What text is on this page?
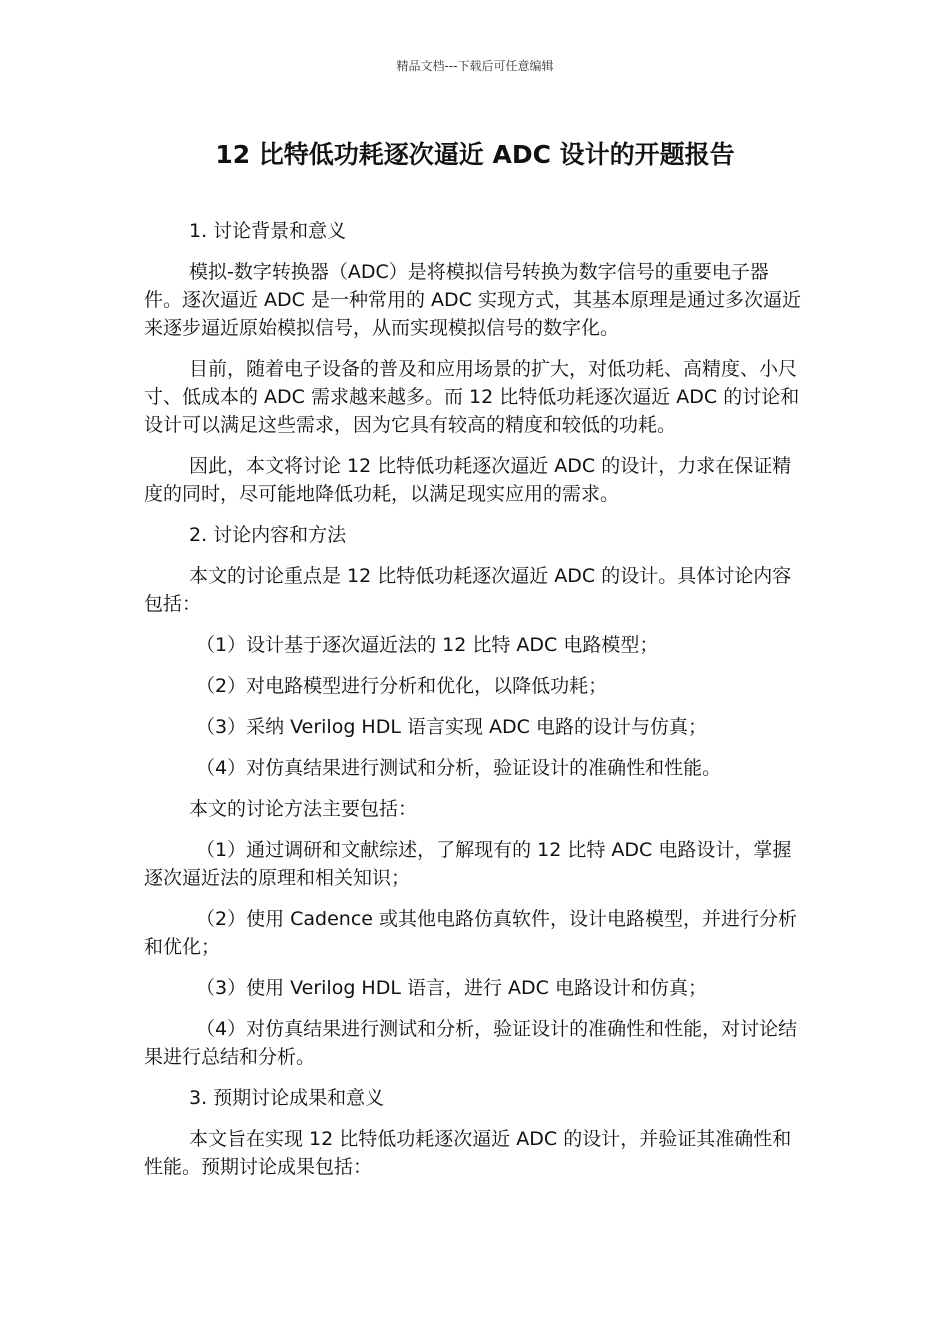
精品文档---下载后可任意编辑
12 比特低功耗逐次逼近 ADC 设计的开题报告

1. 讨论背景和意义

模拟-数字转换器（ADC）是将模拟信号转换为数字信号的重要电子器件。逐次逼近 ADC 是一种常用的 ADC 实现方式，其基本原理是通过多次逼近来逐步逼近原始模拟信号，从而实现模拟信号的数字化。

目前，随着电子设备的普及和应用场景的扩大，对低功耗、高精度、小尺寸、低成本的 ADC 需求越来越多。而 12 比特低功耗逐次逼近 ADC 的讨论和设计可以满足这些需求，因为它具有较高的精度和较低的功耗。

因此，本文将讨论 12 比特低功耗逐次逼近 ADC 的设计，力求在保证精度的同时，尽可能地降低功耗，以满足现实应用的需求。

2. 讨论内容和方法

本文的讨论重点是 12 比特低功耗逐次逼近 ADC 的设计。具体讨论内容包括：

（1）设计基于逐次逼近法的 12 比特 ADC 电路模型；

（2）对电路模型进行分析和优化，以降低功耗；

（3）采纳 Verilog HDL 语言实现 ADC 电路的设计与仿真；

（4）对仿真结果进行测试和分析，验证设计的准确性和性能。

本文的讨论方法主要包括：

（1）通过调研和文献综述，了解现有的 12 比特 ADC 电路设计，掌握逐次逼近法的原理和相关知识；

（2）使用 Cadence 或其他电路仿真软件，设计电路模型，并进行分析和优化；

（3）使用 Verilog HDL 语言，进行 ADC 电路设计和仿真；

（4）对仿真结果进行测试和分析，验证设计的准确性和性能，对讨论结果进行总结和分析。

3. 预期讨论成果和意义

本文旨在实现 12 比特低功耗逐次逼近 ADC 的设计，并验证其准确性和性能。预期讨论成果包括：
